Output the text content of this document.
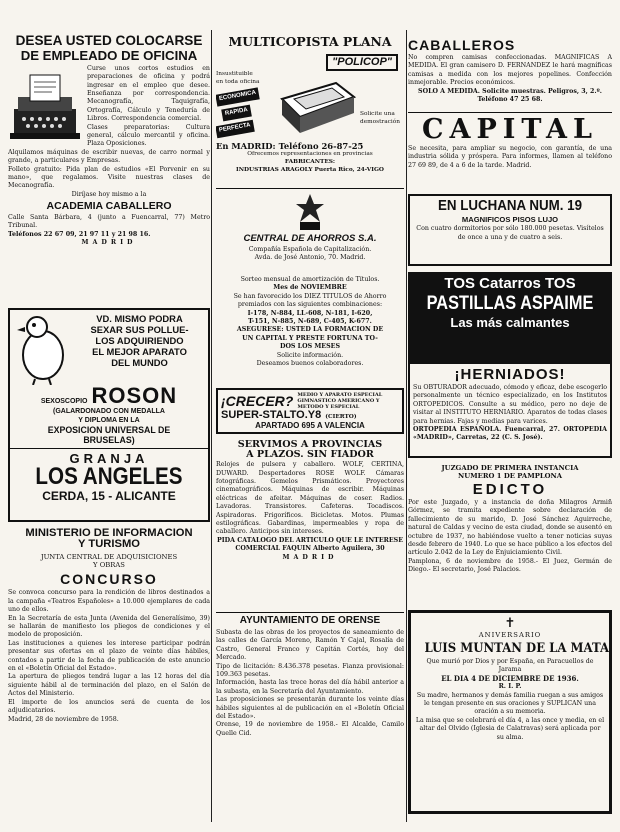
DESEA USTED COLOCARSE
DE EMPLEADO DE OFICINA

Curse unos cortos estudios en preparaciones de oficina y podrá ingresar en el empleo que desee. Enseñanza por correspondencia. Mecanografía, Taquigrafía, Ortografía, Cálculo y Teneduría de Libros. Correspondencia comercial.

Clases preparatorias: Cultura general, cálculo mercantil y oficina. Plaza Oposiciones.

Alquilamos máquinas de escribir nuevas, de carro normal y grande, a particulares y Empresas.

Folleto gratuito: Pida plan de estudios «El Porvenir en su mano», que regalamos. Visite nuestras clases de Mecanografía.

Diríjase hoy mismo a la

ACADEMIA CABALLERO

Calle Santa Bárbara, 4 (junto a Fuencarral, 77) Metro Tribunal.

Teléfonos 22 67 09, 21 97 11 y 21 98 16.

MADRID

VD. MISMO PODRA
SEXAR SUS POLLUE-
LOS ADQUIRIENDO
EL MEJOR APARATO
DEL MUNDO
SEXOSCOPIO ROSON
(GALARDONADO CON MEDALLA
Y DIPLOMA EN LA
EXPOSICION UNIVERSAL DE
BRUSELAS)
GRANJA
LOS ANGELES
CERDA, 15 - ALICANTE
MINISTERIO DE INFORMACION
Y TURISMO
JUNTA CENTRAL DE ADQUISICIONES
Y OBRAS
CONCURSO

Se convoca concurso para la rendición de libros destinados a la campaña «Teatros Españoles» a 10.000 ejemplares de cada uno de ellos.

En la Secretaría de esta Junta (Avenida del Generalísimo, 39) se hallarán de manifiesto los pliegos de condiciones y el modelo de proposición.

Las instituciones a quienes les interese participar podrán presentar sus ofertas en el plazo de veinte días hábiles, contados a partir de la fecha de publicación de este anuncio en el «Boletín Oficial del Estado».

La apertura de pliegos tendrá lugar a las 12 horas del día siguiente hábil al de terminación del plazo, en el Salón de Actos del Ministerio.

El importe de los anuncios será de cuenta de los adjudicatarios.

Madrid, 28 de noviembre de 1958.

MULTICOPISTA PLANA
"POLICOP"
Insustituible
en toda oficina
ECONOMICA
RAPIDA
PERFECTA
Solicite una
demostración
En MADRID: Teléfono 26-87-25
Ofrecemos representaciones en provincias
FABRICANTES:
INDUSTRIAS ARAGOLY Puerta Rico, 24-VIGO
CENTRAL DE AHORROS S.A.

Compañía Española de Capitalización.

Avda. de José Antonio, 70. Madrid.

Sorteo mensual de amortización de Títulos.

Mes de NOVIEMBRE

Se han favorecido los DIEZ TITULOS de Ahorro premiados con las siguientes combinaciones:

I-178, N-884, LL-608, N-181, I-620,

T-151, N-885, N-689, C-405, K-677.

ASEGURESE: USTED LA FORMACION DE

UN CAPITAL Y PRESTE FORTUNA TO-

DOS LOS MESES

Solicite información.

Deseamos buenos colaboradores.

¡CRECER? MEDIO Y APARATO ESPECIAL GIMNASTICO AMERICANO Y METODO Y ESPECIAL
SUPER-STALTO.Y8 (CIERTO)
APARTADO 695 A VALENCIA
SERVIMOS A PROVINCIAS
A PLAZOS. SIN FIADOR

Relojes de pulsera y caballero. WOLF, CERTINA, DUWARD. Despertadores ROSE WOLF. Cámaras fotográficas. Gemelos Prismáticos. Proyectores cinematográficos. Máquinas de escribir. Máquinas eléctricas de afeitar. Máquinas de coser. Radios. Lavadoras. Transistores. Cafeteras. Tocadiscos. Aspiradoras. Frigoríficos. Bicicletas. Motos. Plumas estilográficas. Gabardinas, impermeables y ropa de caballero. Anticipos sin intereses.

PIDA CATALOGO DEL ARTICULO QUE LE INTERESE

COMERCIAL FAQUIN Alberto Aguilera, 30

MADRID

AYUNTAMIENTO DE ORENSE

Subasta de las obras de los proyectos de saneamiento de las calles de García Moreno, Ramón Y Cajal, Rosalía de Castro, General Franco y Capitán Cortés, hoy del Mercado.

Tipo de licitación: 8.436.378 pesetas. Fianza provisional: 109.363 pesetas.

Información, hasta las trece horas del día hábil anterior a la subasta, en la Secretaría del Ayuntamiento.

Las proposiciones se presentarán durante los veinte días hábiles siguientes al de publicación en el «Boletín Oficial del Estado».

Orense, 19 de noviembre de 1958.- El Alcalde, Camilo Quelle Cid.

CABALLEROS

No compren camisas confeccionadas. MAGNIFICAS A MEDIDA. El gran camisero D. FERNANDEZ le hará magníficas camisas a medida con los mejores popelines. Confección inmejorable. Precios económicos.

SOLO A MEDIDA. Solicite muestras. Peligros, 3, 2.º. Teléfono 47 25 68.

CAPITAL

Se necesita, para ampliar su negocio, con garantía, de una industria sólida y próspera. Para informes, llamen al teléfono 27 69 89, de 4 a 6 de la tarde. Madrid.

EN LUCHANA NUM. 19
MAGNIFICOS PISOS LUJO

Con cuatro dormitorios por sólo 180.000 pesetas. Visítelos de once a una y de cuatro a seis.

TOS Catarros TOS
PASTILLAS ASPAIME
Las más calmantes
¡HERNIADOS!

Su OBTURADOR adecuado, cómodo y eficaz, debe escogerlo personalmente un técnico especializado, en los Institutos ORTOPEDICOS. Consulte a su médico, pero no deje de visitar al INSTITUTO HERNIARIO. Aparatos de todas clases para hernias. Fajas y medias para varices.

ORTOPEDIA ESPAÑOLA. Fuencarral, 27. ORTOPEDIA «MADRID», Carretas, 22 (C. S. José).

JUZGADO DE PRIMERA INSTANCIA
NUMERO 1 DE PAMPLONA
EDICTO

Por este Juzgado, y a instancia de doña Milagros Armiñ Górmez, se tramita expediente sobre declaración de fallecimiento de su marido, D. José Sánchez Aguirreche, natural de Caldas y vecino de esta ciudad, donde se ausentó en octubre de 1937, no habiéndose vuelto a tener noticias suyas desde febrero de 1940. Lo que se hace público a los efectos del artículo 2.042 de la Ley de Enjuiciamiento Civil.

Pamplona, 6 de noviembre de 1958.- El Juez, Germán de Diego.- El secretario, José Palacios.

✝
ANIVERSARIO
LUIS MUNTAN DE LA MATA

Que murió por Dios y por España, en Paracuellos de Jarama

EL DIA 4 DE DICIEMBRE DE 1936.

R. I. P.

Su madre, hermanos y demás familia ruegan a sus amigos le tengan presente en sus oraciones y SUPLICAN una oración a su memoria.

La misa que se celebrará el día 4, a las once y media, en el altar del Olvido (Iglesia de Calatravas) será aplicada por su alma.
